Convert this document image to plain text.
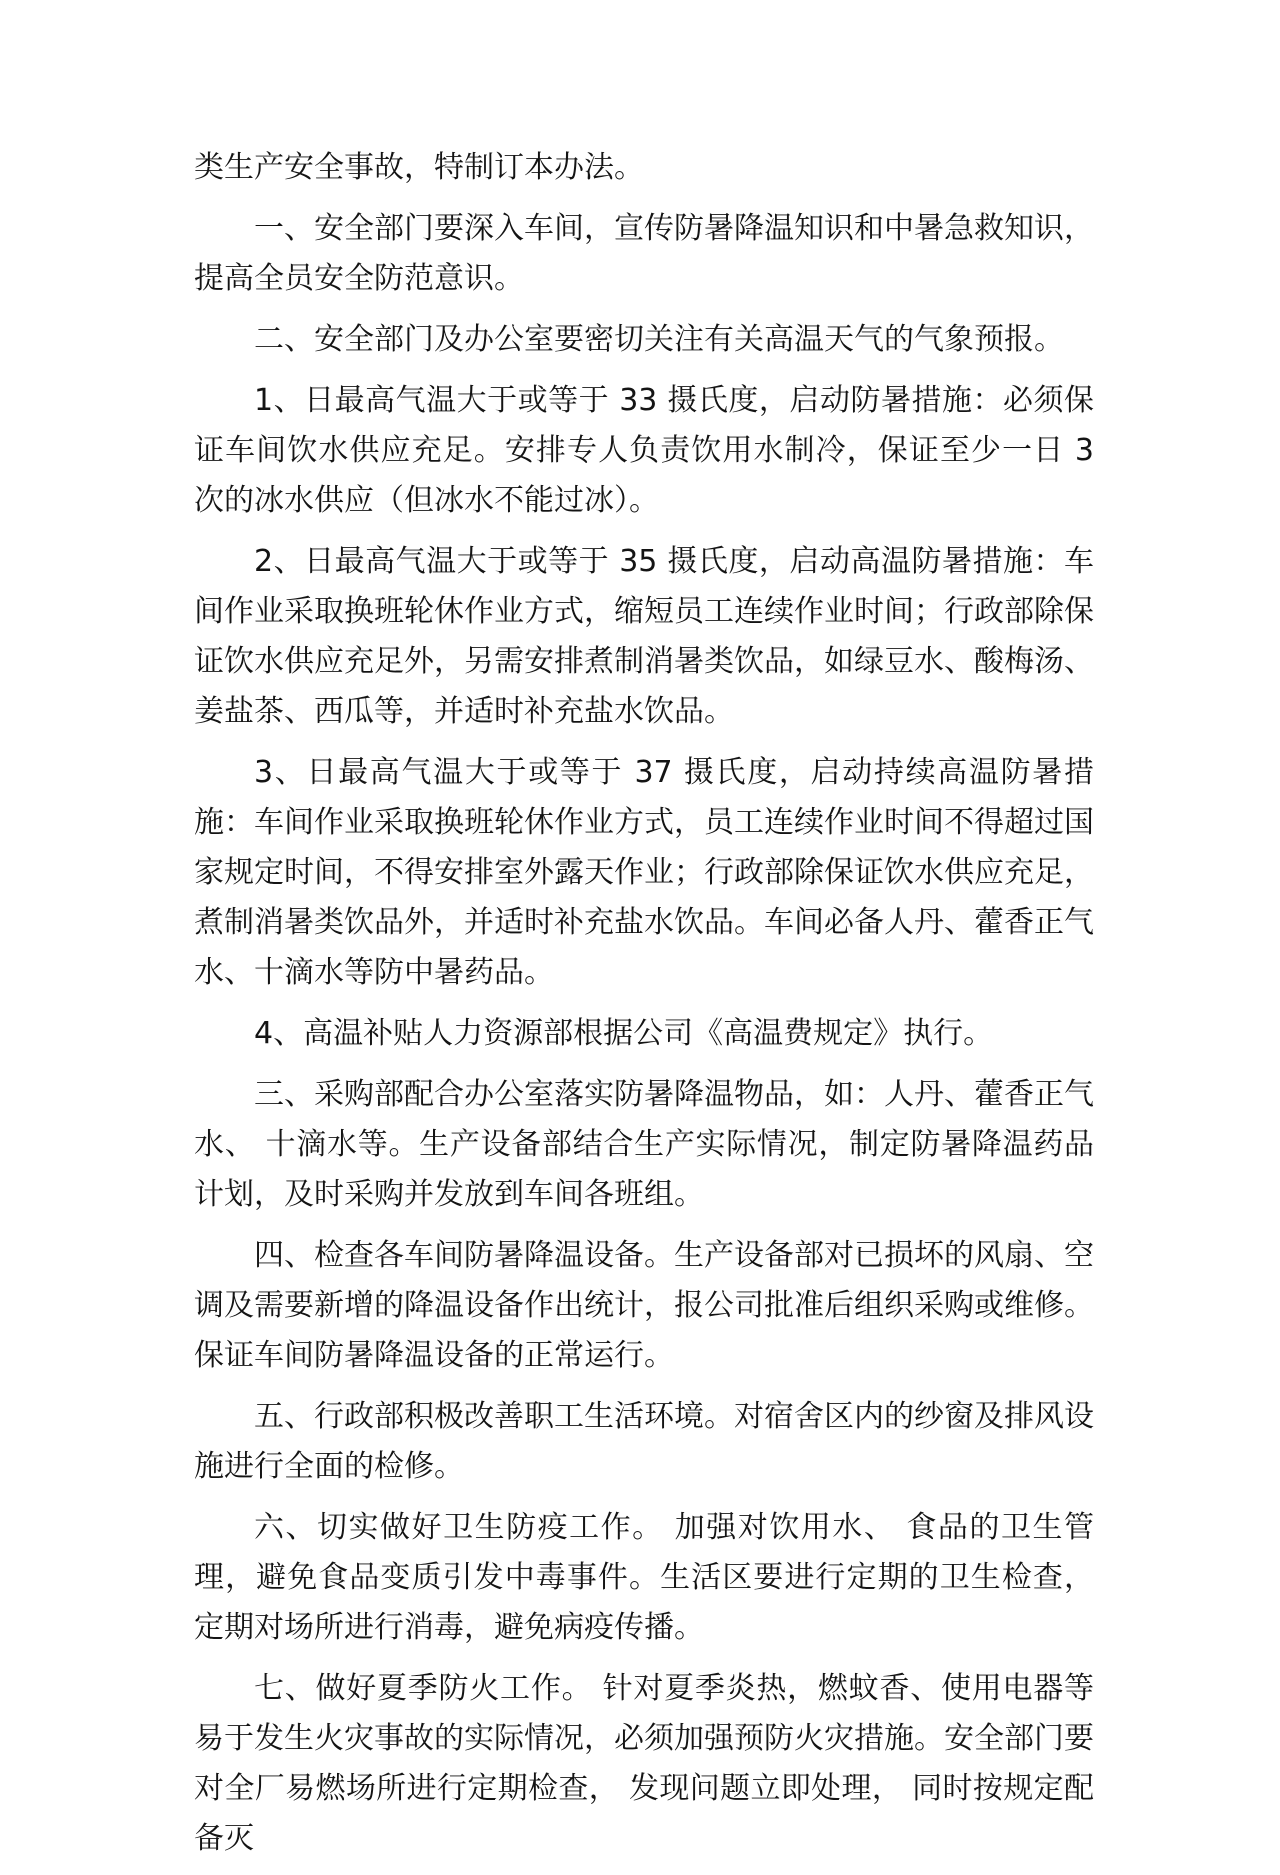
类生产安全事故，特制订本办法。

一、安全部门要深入车间，宣传防暑降温知识和中暑急救知识，提高全员安全防范意识。

二、安全部门及办公室要密切关注有关高温天气的气象预报。

1、日最高气温大于或等于 33 摄氏度，启动防暑措施：必须保证车间饮水供应充足。安排专人负责饮用水制冷，保证至少一日 3 次的冰水供应（但冰水不能过冰）。

2、日最高气温大于或等于 35 摄氏度，启动高温防暑措施：车间作业采取换班轮休作业方式，缩短员工连续作业时间；行政部除保证饮水供应充足外，另需安排煮制消暑类饮品，如绿豆水、酸梅汤、姜盐茶、西瓜等，并适时补充盐水饮品。

3、日最高气温大于或等于 37 摄氏度，启动持续高温防暑措施：车间作业采取换班轮休作业方式，员工连续作业时间不得超过国家规定时间，不得安排室外露天作业；行政部除保证饮水供应充足，煮制消暑类饮品外，并适时补充盐水饮品。车间必备人丹、藿香正气水、十滴水等防中暑药品。

4、高温补贴人力资源部根据公司《高温费规定》执行。

三、采购部配合办公室落实防暑降温物品，如：人丹、藿香正气水、 十滴水等。生产设备部结合生产实际情况，制定防暑降温药品计划，及时采购并发放到车间各班组。

四、检查各车间防暑降温设备。生产设备部对已损坏的风扇、空调及需要新增的降温设备作出统计，报公司批准后组织采购或维修。保证车间防暑降温设备的正常运行。

五、行政部积极改善职工生活环境。对宿舍区内的纱窗及排风设施进行全面的检修。

六、切实做好卫生防疫工作。 加强对饮用水、 食品的卫生管理，避免食品变质引发中毒事件。生活区要进行定期的卫生检查， 定期对场所进行消毒，避免病疫传播。

七、做好夏季防火工作。 针对夏季炎热，燃蚊香、使用电器等易于发生火灾事故的实际情况，必须加强预防火灾措施。安全部门要对全厂易燃场所进行定期检查， 发现问题立即处理， 同时按规定配备灭
